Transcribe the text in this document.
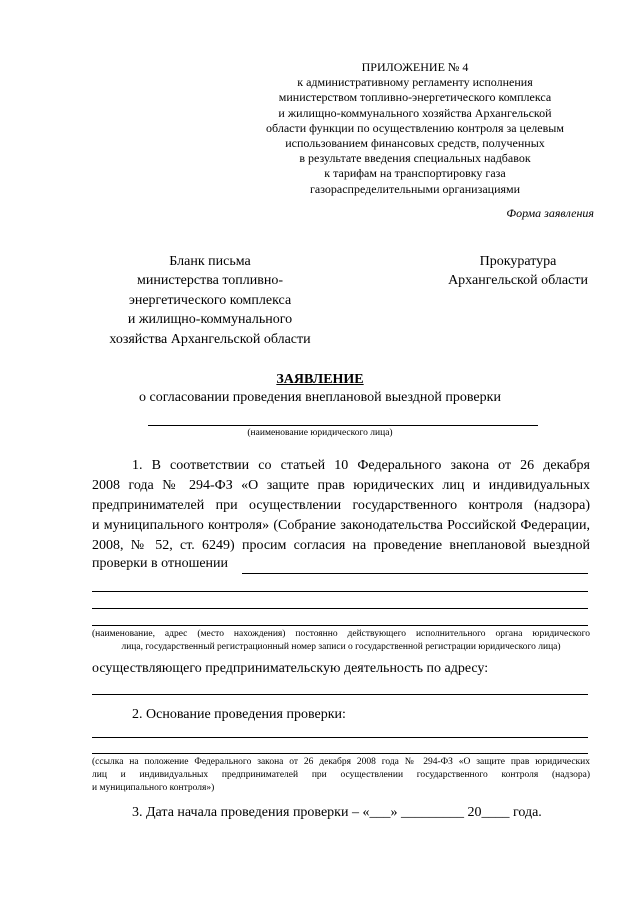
ПРИЛОЖЕНИЕ № 4
к административному регламенту исполнения
министерством топливно-энергетического комплекса
и жилищно-коммунального хозяйства Архангельской
области функции по осуществлению контроля за целевым
использованием финансовых средств, полученных
в результате введения специальных надбавок
к тарифам на транспортировку газа
газораспределительными организациями
Форма заявления
Бланк письма
министерства топливно-
энергетического комплекса
и жилищно-коммунального
хозяйства Архангельской области
Прокуратура
Архангельской области
ЗАЯВЛЕНИЕ
о согласовании проведения внеплановой выездной проверки
(наименование юридического лица)
1. В соответствии со статьей 10 Федерального закона от 26 декабря
2008 года № 294-ФЗ «О защите прав юридических лиц и индивидуальных
предпринимателей при осуществлении государственного контроля (надзора)
и муниципального контроля» (Собрание законодательства Российской Федерации,
2008, № 52, ст. 6249) просим согласия на проведение внеплановой выездной
проверки в отношении
(наименование, адрес (место нахождения) постоянно действующего исполнительного органа юридического
лица, государственный регистрационный номер записи о государственной регистрации юридического лица)
осуществляющего предпринимательскую деятельность по адресу:
2. Основание проведения проверки:
(ссылка на положение Федерального закона от 26 декабря 2008 года № 294-ФЗ «О защите прав юридических
лиц и индивидуальных предпринимателей при осуществлении государственного контроля (надзора)
и муниципального контроля»)
3. Дата начала проведения проверки – «___» _________ 20____ года.
